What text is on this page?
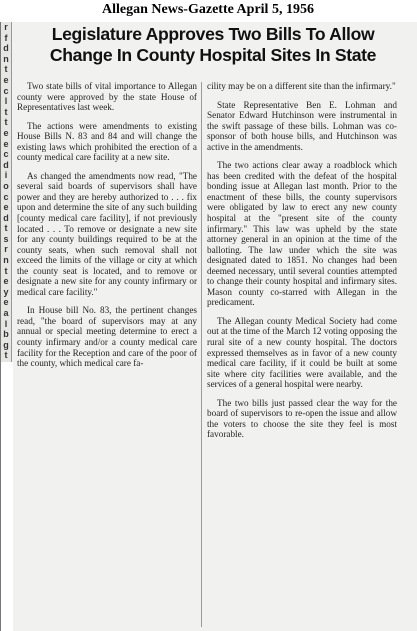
Allegan News-Gazette April 5, 1956
r
f
d
n
t
e
c
l
t
t
e
e
c
d
i
o
c
e
d
t
s
r
n
t
e
y
e
a
l
b
g
t
Legislature Approves Two Bills To Allow
Change In County Hospital Sites In State

Two state bills of vital importance to Allegan county were approved by the state House of Representatives last week.

The actions were amendments to existing House Bills N. 83 and 84 and will change the existing laws which prohibited the erection of a county medical care facility at a new site.

As changed the amendments now read, "The several said boards of supervisors shall have power and they are hereby authorized to . . . fix upon and determine the site of any such building [county medical care facility], if not previously located . . . To remove or designate a new site for any county buildings required to be at the county seats, when such removal shall not exceed the limits of the village or city at which the county seat is located, and to remove or designate a new site for any county infirmary or medical care facility."

In House bill No. 83, the pertinent changes read, "the board of supervisors may at any annual or special meeting determine to erect a county infirmary and/or a county medical care facility for the Reception and care of the poor of the county, which medical care fa-

cility may be on a different site than the infirmary."

State Representative Ben E. Lohman and Senator Edward Hutchinson were instrumental in the swift passage of these bills. Lohman was co-sponsor of both house bills, and Hutchinson was active in the amendments.

The two actions clear away a roadblock which has been credited with the defeat of the hospital bonding issue at Allegan last month. Prior to the enactment of these bills, the county supervisors were obligated by law to erect any new county hospital at the "present site of the county infirmary." This law was upheld by the state attorney general in an opinion at the time of the balloting. The law under which the site was designated dated to 1851. No changes had been deemed necessary, until several counties attempted to change their county hospital and infirmary sites. Mason county co-starred with Allegan in the predicament.

The Allegan county Medical Society had come out at the time of the March 12 voting opposing the rural site of a new county hospital. The doctors expressed themselves as in favor of a new county medical care facility, if it could be built at some site where city facilities were available, and the services of a general hospital were nearby.

The two bills just passed clear the way for the board of supervisors to re-open the issue and allow the voters to choose the site they feel is most favorable.
